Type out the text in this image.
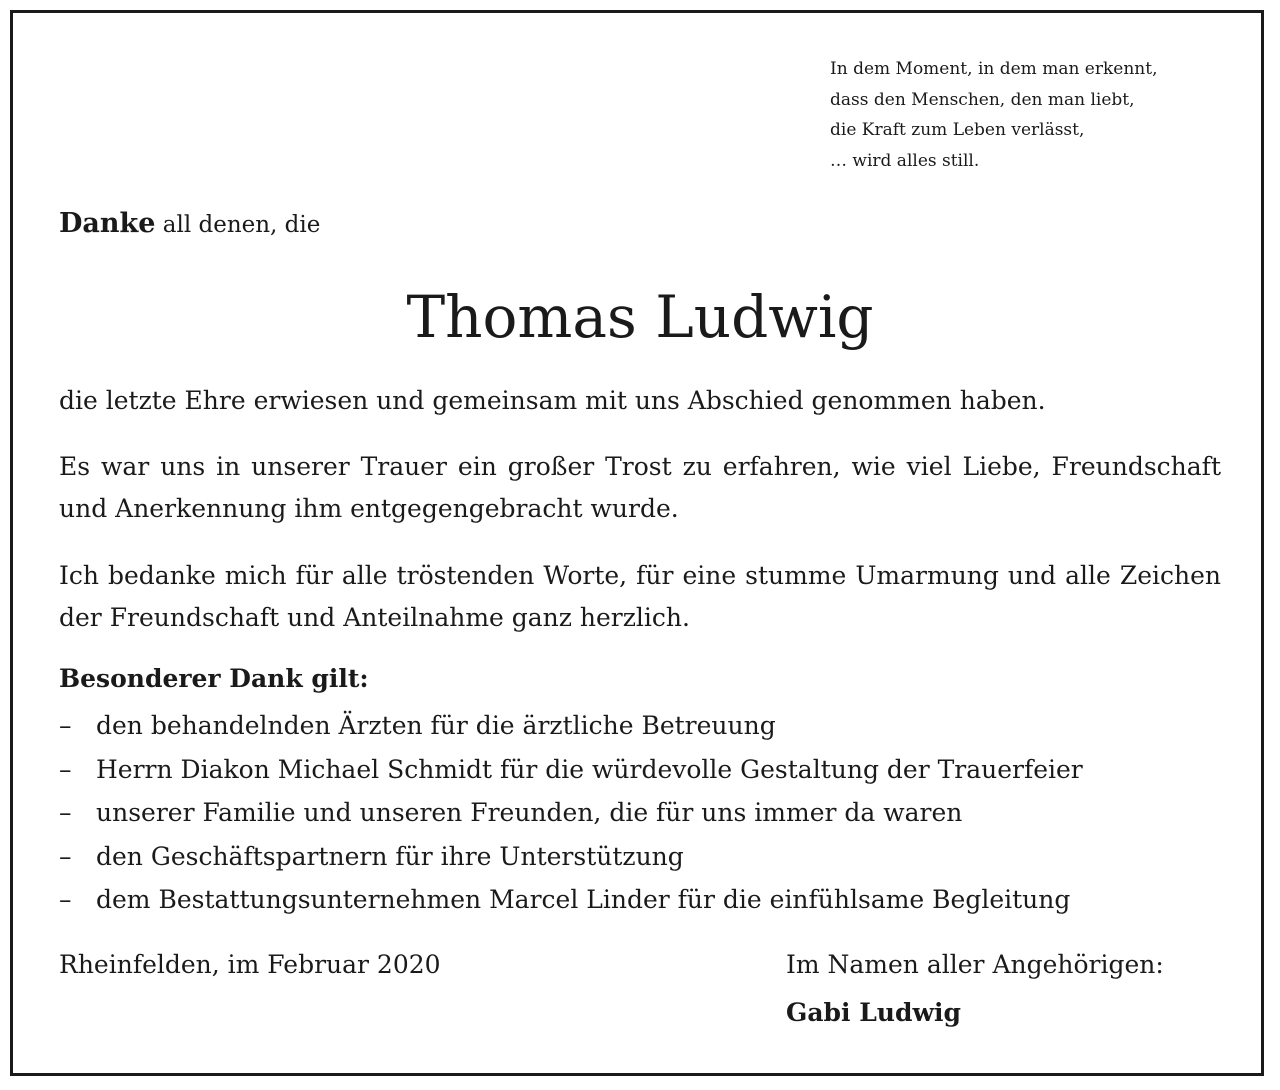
In dem Moment, in dem man erkennt,
dass den Menschen, den man liebt,
die Kraft zum Leben verlässt,
… wird alles still.
Danke all denen, die
Thomas Ludwig
die letzte Ehre erwiesen und gemeinsam mit uns Abschied genommen haben.
Es war uns in unserer Trauer ein großer Trost zu erfahren, wie viel Liebe, Freundschaft und Anerkennung ihm entgegengebracht wurde.
Ich bedanke mich für alle tröstenden Worte, für eine stumme Umarmung und alle Zeichen der Freundschaft und Anteilnahme ganz herzlich.
Besonderer Dank gilt:
– den behandelnden Ärzten für die ärztliche Betreuung
– Herrn Diakon Michael Schmidt für die würdevolle Gestaltung der Trauerfeier
– unserer Familie und unseren Freunden, die für uns immer da waren
– den Geschäftspartnern für ihre Unterstützung
– dem Bestattungsunternehmen Marcel Linder für die einfühlsame Begleitung
Rheinfelden, im Februar 2020	Im Namen aller Angehörigen:
Gabi Ludwig
